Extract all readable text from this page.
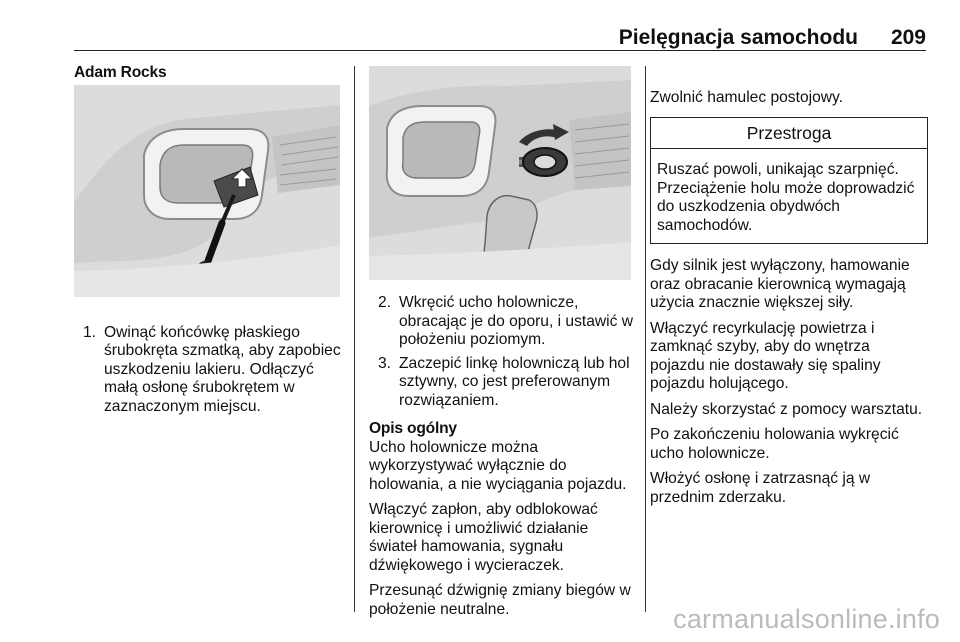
Pielęgnacja samochodu	209
Adam Rocks
1. Owinąć końcówkę płaskiego śrubokręta szmatką, aby zapobiec uszkodzeniu lakieru. Odłączyć małą osłonę śrubokrętem w zaznaczonym miejscu.
2. Wkręcić ucho holownicze, obracając je do oporu, i ustawić w położeniu poziomym.
3. Zaczepić linkę holowniczą lub hol sztywny, co jest preferowanym rozwiązaniem.
Opis ogólny

Ucho holownicze można wykorzystywać wyłącznie do holowania, a nie wyciągania pojazdu.

Włączyć zapłon, aby odblokować kierownicę i umożliwić działanie świateł hamowania, sygnału dźwiękowego i wycieraczek.

Przesunąć dźwignię zmiany biegów w położenie neutralne.

Zwolnić hamulec postojowy.

Przestroga
Ruszać powoli, unikając szarpnięć. Przeciążenie holu może doprowadzić do uszkodzenia obydwóch samochodów.

Gdy silnik jest wyłączony, hamowanie oraz obracanie kierownicą wymagają użycia znacznie większej siły.

Włączyć recyrkulację powietrza i zamknąć szyby, aby do wnętrza pojazdu nie dostawały się spaliny pojazdu holującego.

Należy skorzystać z pomocy warsztatu.

Po zakończeniu holowania wykręcić ucho holownicze.

Włożyć osłonę i zatrzasnąć ją w przednim zderzaku.

carmanualsonline.info
